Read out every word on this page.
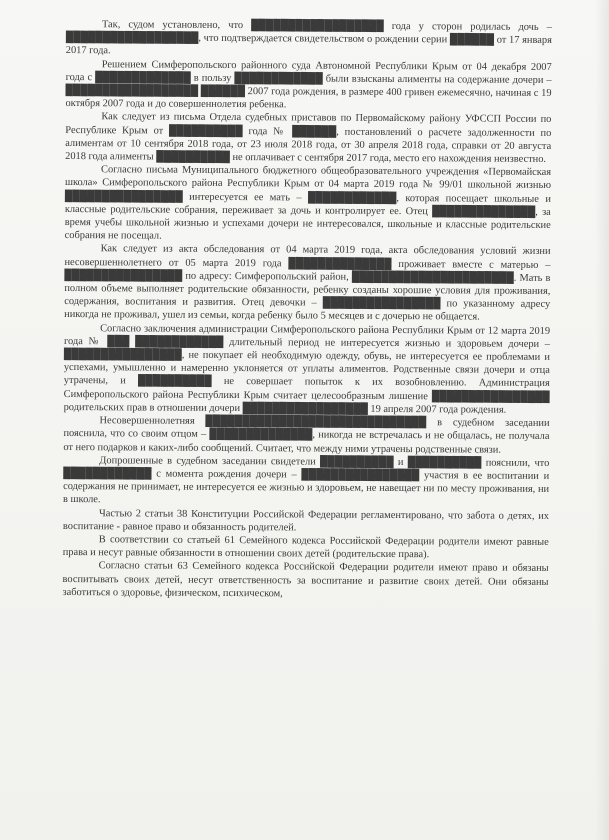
Так, судом установлено, что ██████████████████ года у сторон родилась дочь – ██████████████████, что подтверждается свидетельством о рождении серии ██████ от 17 января 2017 года.

Решением Симферопольского районного суда Автономной Республики Крым от 04 декабря 2007 года с █████████████ в пользу ████████████ были взысканы алименты на содержание дочери – ██████████████████ ██████ 2007 года рождения, в размере 400 гривен ежемесячно, начиная с 19 октября 2007 года и до совершеннолетия ребенка.

Как следует из письма Отдела судебных приставов по Первомайскому району УФССП России по Республике Крым от ██████████ года № ██████, постановлений о расчете задолженности по алиментам от 10 сентября 2018 года, от 23 июля 2018 года, от 30 апреля 2018 года, справки от 20 августа 2018 года алименты ██████████ не оплачивает с сентября 2017 года, место его нахождения неизвестно.

Согласно письма Муниципального бюджетного общеобразовательного учреждения «Первомайская школа» Симферопольского района Республики Крым от 04 марта 2019 года № 99/01 школьной жизнью ████████████████ интересуется ее мать – ████████████, которая посещает школьные и классные родительские собрания, переживает за дочь и контролирует ее. Отец ██████████████, за время учебы школьной жизнью и успехами дочери не интересовался, школьные и классные родительские собрания не посещал.

Как следует из акта обследования от 04 марта 2019 года, акта обследования условий жизни несовершеннолетнего от 05 марта 2019 года ██████████████ проживает вместе с матерью – ████████████████ по адресу: Симферопольский район, ██████████████████████. Мать в полном объеме выполняет родительские обязанности, ребенку созданы хорошие условия для проживания, содержания, воспитания и развития. Отец девочки – ████████████████ по указанному адресу никогда не проживал, ушел из семьи, когда ребенку было 5 месяцев и с дочерью не общается.

Согласно заключения администрации Симферопольского района Республики Крым от 12 марта 2019 года № ███ ████████████ длительный период не интересуется жизнью и здоровьем дочери – ████████████████, не покупает ей необходимую одежду, обувь, не интересуется ее проблемами и успехами, умышленно и намеренно уклоняется от уплаты алиментов. Родственные связи дочери и отца утрачены, и ██████████ не совершает попыток к их возобновлению. Администрация Симферопольского района Республики Крым считает целесообразным лишение ████████████████ родительских прав в отношении дочери █████████████████ 19 апреля 2007 года рождения.

Несовершеннолетняя ██████████████████████████████ в судебном заседании пояснила, что со своим отцом – ██████████████, никогда не встречалась и не общалась, не получала от него подарков и каких-либо сообщений. Считает, что между ними утрачены родственные связи.

Допрошенные в судебном заседании свидетели ██████████ и ██████████ пояснили, что ████████████ с момента рождения дочери – ████████████████ участия в ее воспитании и содержания не принимает, не интересуется ее жизнью и здоровьем, не навещает ни по месту проживания, ни в школе.

Частью 2 статьи 38 Конституции Российской Федерации регламентировано, что забота о детях, их воспитание - равное право и обязанность родителей.

В соответствии со статьей 61 Семейного кодекса Российской Федерации родители имеют равные права и несут равные обязанности в отношении своих детей (родительские права).

Согласно статьи 63 Семейного кодекса Российской Федерации родители имеют право и обязаны воспитывать своих детей, несут ответственность за воспитание и развитие своих детей. Они обязаны заботиться о здоровье, физическом, психическом,
